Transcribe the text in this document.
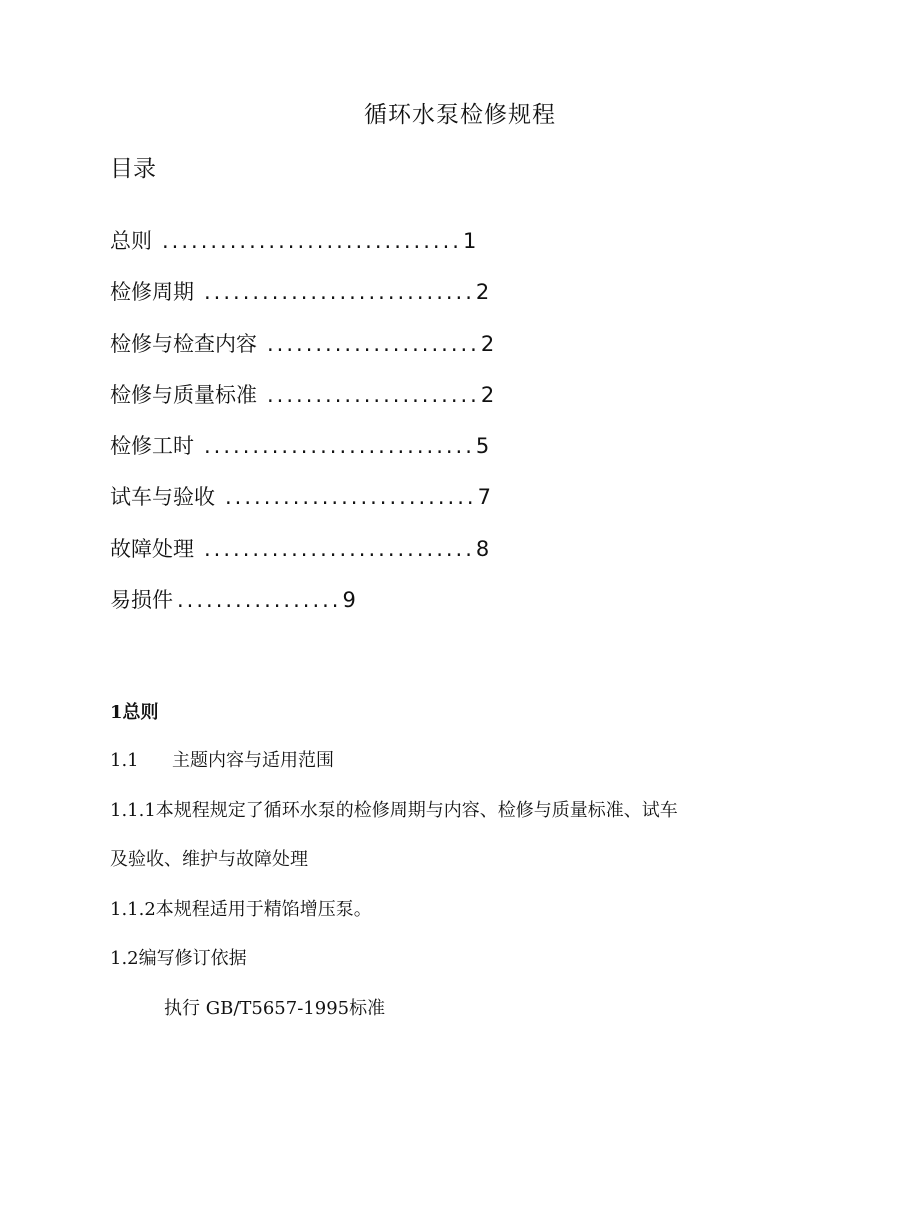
循环水泵检修规程
目录
总则 ...............................1
检修周期 ............................2
检修与检查内容 ......................2
检修与质量标准 ......................2
检修工时 ............................5
试车与验收 ..........................7
故障处理 ............................8
易损件 .................9
1总则
1.1 主题内容与适用范围
1.1.1本规程规定了循环水泵的检修周期与内容、检修与质量标准、试车
及验收、维护与故障处理
1.1.2本规程适用于精馅增压泵。
1.2编写修订依据
执行 GB/T5657-1995标准
